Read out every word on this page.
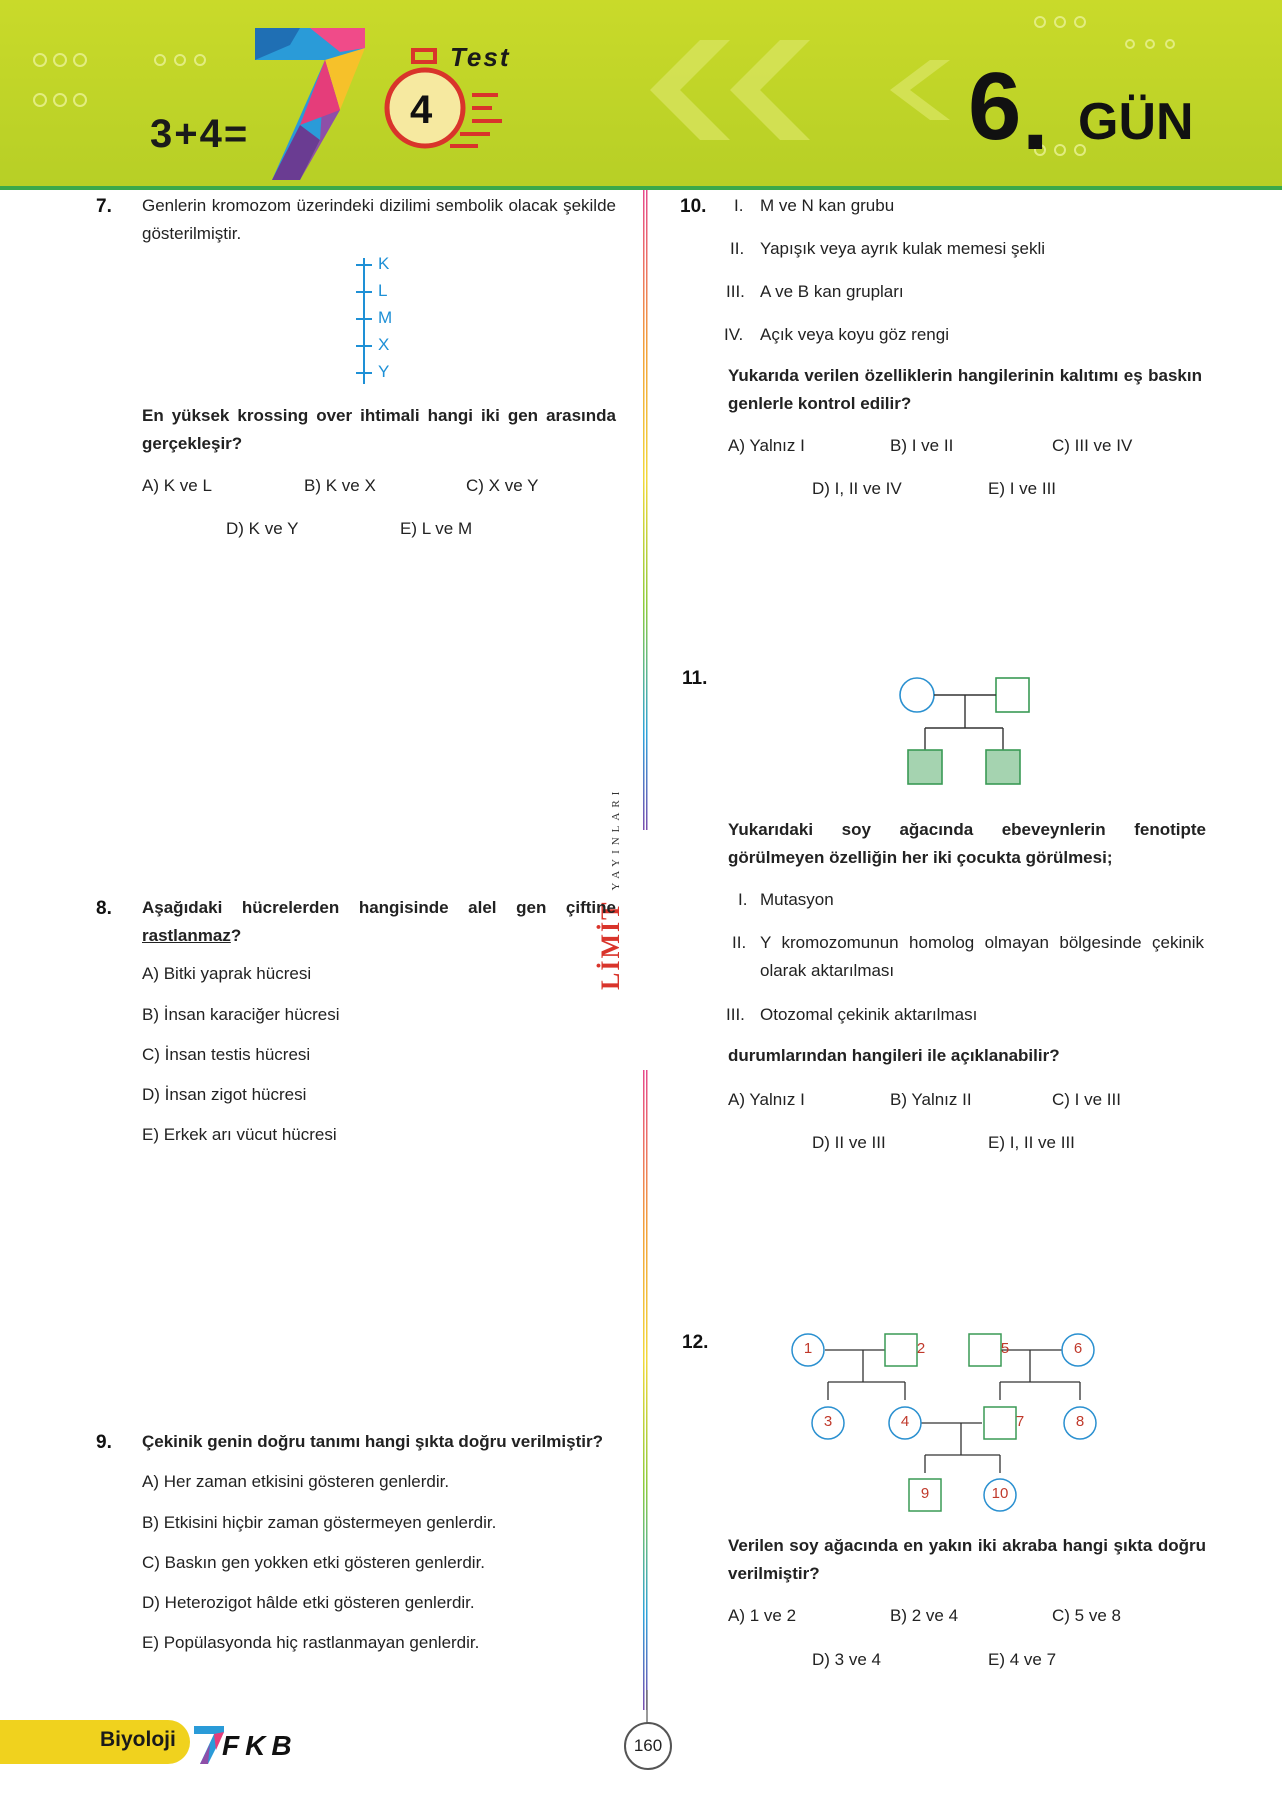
3+4=
Test
4	6 . GÜN
LİMİT YAYINLARI
7. Genlerin kromozom üzerindeki dizilimi sembolik olacak şekilde gösterilmiştir.
K
L
M
X
Y
En yüksek krossing over ihtimali hangi iki gen arasında gerçekleşir?
A) K ve L	B) K ve X	C) X ve Y
D) K ve Y	E) L ve M
8. Aşağıdaki hücrelerden hangisinde alel gen çiftine rastlanmaz?
A) Bitki yaprak hücresi
B) İnsan karaciğer hücresi
C) İnsan testis hücresi
D) İnsan zigot hücresi
E) Erkek arı vücut hücresi
9. Çekinik genin doğru tanımı hangi şıkta doğru verilmiştir?
A) Her zaman etkisini gösteren genlerdir.
B) Etkisini hiçbir zaman göstermeyen genlerdir.
C) Baskın gen yokken etki gösteren genlerdir.
D) Heterozigot hâlde etki gösteren genlerdir.
E) Popülasyonda hiç rastlanmayan genlerdir.
10. I. M ve N kan grubu
II. Yapışık veya ayrık kulak memesi şekli
III. A ve B kan grupları
IV. Açık veya koyu göz rengi
Yukarıda verilen özelliklerin hangilerinin kalıtımı eş baskın genlerle kontrol edilir?
A) Yalnız I	B) I ve II	C) III ve IV
D) I, II ve IV	E) I ve III
11.
Yukarıdaki soy ağacında ebeveynlerin fenotipte görülmeyen özelliğin her iki çocukta görülmesi;
I. Mutasyon
II. Y kromozomunun homolog olmayan bölgesinde çekinik olarak aktarılması
III. Otozomal çekinik aktarılması
durumlarından hangileri ile açıklanabilir?
A) Yalnız I	B) Yalnız II	C) I ve III
D) II ve III	E) I, II ve III
12.	1	2	5	6
3	4	7	8
9	10
Verilen soy ağacında en yakın iki akraba hangi şıkta doğru verilmiştir?
A) 1 ve 2	B) 2 ve 4	C) 5 ve 8
D) 3 ve 4	E) 4 ve 7
Biyoloji FKB	160
